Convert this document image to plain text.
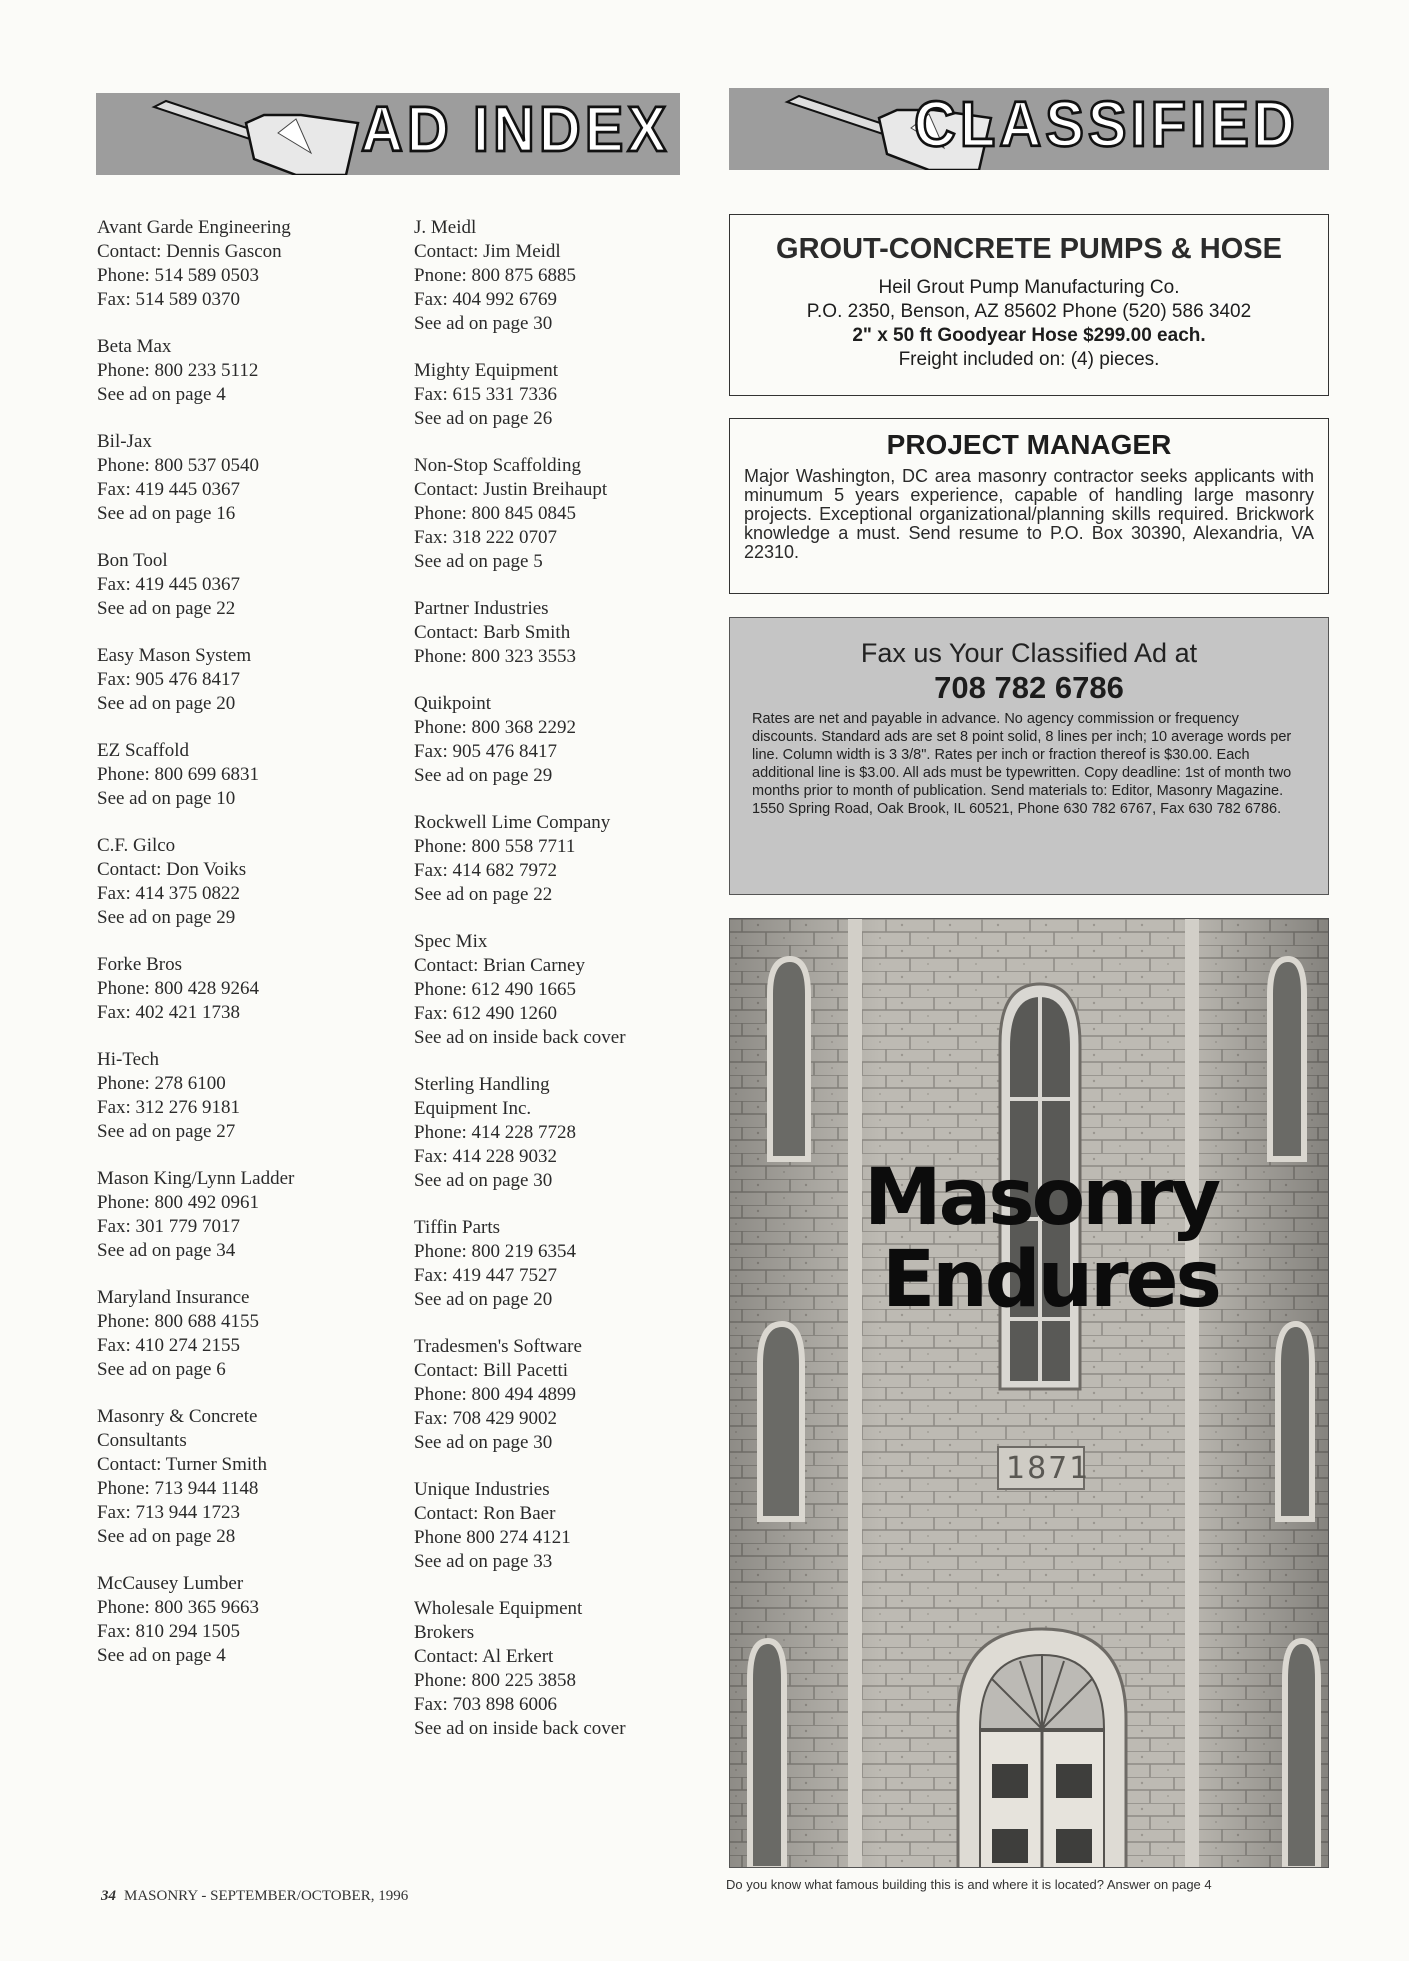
AD INDEX	CLASSIFIED
Avant Garde Engineering
Contact: Dennis Gascon
Phone: 514 589 0503
Fax: 514 589 0370
Beta Max
Phone: 800 233 5112
See ad on page 4
Bil-Jax
Phone: 800 537 0540
Fax: 419 445 0367
See ad on page 16
Bon Tool
Fax: 419 445 0367
See ad on page 22
Easy Mason System
Fax: 905 476 8417
See ad on page 20
EZ Scaffold
Phone: 800 699 6831
See ad on page 10
C.F. Gilco
Contact: Don Voiks
Fax: 414 375 0822
See ad on page 29
Forke Bros
Phone: 800 428 9264
Fax: 402 421 1738
Hi-Tech
Phone: 278 6100
Fax: 312 276 9181
See ad on page 27
Mason King/Lynn Ladder
Phone: 800 492 0961
Fax: 301 779 7017
See ad on page 34
Maryland Insurance
Phone: 800 688 4155
Fax: 410 274 2155
See ad on page 6
Masonry & Concrete
Consultants
Contact: Turner Smith
Phone: 713 944 1148
Fax: 713 944 1723
See ad on page 28
McCausey Lumber
Phone: 800 365 9663
Fax: 810 294 1505
See ad on page 4
J. Meidl
Contact: Jim Meidl
Pnone: 800 875 6885
Fax: 404 992 6769
See ad on page 30
Mighty Equipment
Fax: 615 331 7336
See ad on page 26
Non-Stop Scaffolding
Contact: Justin Breihaupt
Phone: 800 845 0845
Fax: 318 222 0707
See ad on page 5
Partner Industries
Contact: Barb Smith
Phone: 800 323 3553
Quikpoint
Phone: 800 368 2292
Fax: 905 476 8417
See ad on page 29
Rockwell Lime Company
Phone: 800 558 7711
Fax: 414 682 7972
See ad on page 22
Spec Mix
Contact: Brian Carney
Phone: 612 490 1665
Fax: 612 490 1260
See ad on inside back cover
Sterling Handling
Equipment Inc.
Phone: 414 228 7728
Fax: 414 228 9032
See ad on page 30
Tiffin Parts
Phone: 800 219 6354
Fax: 419 447 7527
See ad on page 20
Tradesmen's Software
Contact: Bill Pacetti
Phone: 800 494 4899
Fax: 708 429 9002
See ad on page 30
Unique Industries
Contact: Ron Baer
Phone 800 274 4121
See ad on page 33
Wholesale Equipment
Brokers
Contact: Al Erkert
Phone: 800 225 3858
Fax: 703 898 6006
See ad on inside back cover
GROUT-CONCRETE PUMPS & HOSE
Heil Grout Pump Manufacturing Co.
P.O. 2350, Benson, AZ 85602 Phone (520) 586 3402
2" x 50 ft Goodyear Hose $299.00 each.
Freight included on: (4) pieces.
PROJECT MANAGER

Major Washington, DC area masonry contractor seeks applicants with minumum 5 years experience, capable of handling large masonry projects. Exceptional organizational/planning skills required. Brickwork knowledge a must. Send resume to P.O. Box 30390, Alexandria, VA 22310.

Fax us Your Classified Ad at
708 782 6786

Rates are net and payable in advance. No agency commission or frequency discounts. Standard ads are set 8 point solid, 8 lines per inch; 10 average words per line. Column width is 3 3/8". Rates per inch or fraction thereof is $30.00. Each additional line is $3.00. All ads must be typewritten. Copy deadline: 1st of month two months prior to month of publication. Send materials to: Editor, Masonry Magazine. 1550 Spring Road, Oak Brook, IL 60521, Phone 630 782 6767, Fax 630 782 6786.

Masonry
Endures
1871
Do you know what famous building this is and where it is located? Answer on page 4
34 MASONRY - SEPTEMBER/OCTOBER, 1996
